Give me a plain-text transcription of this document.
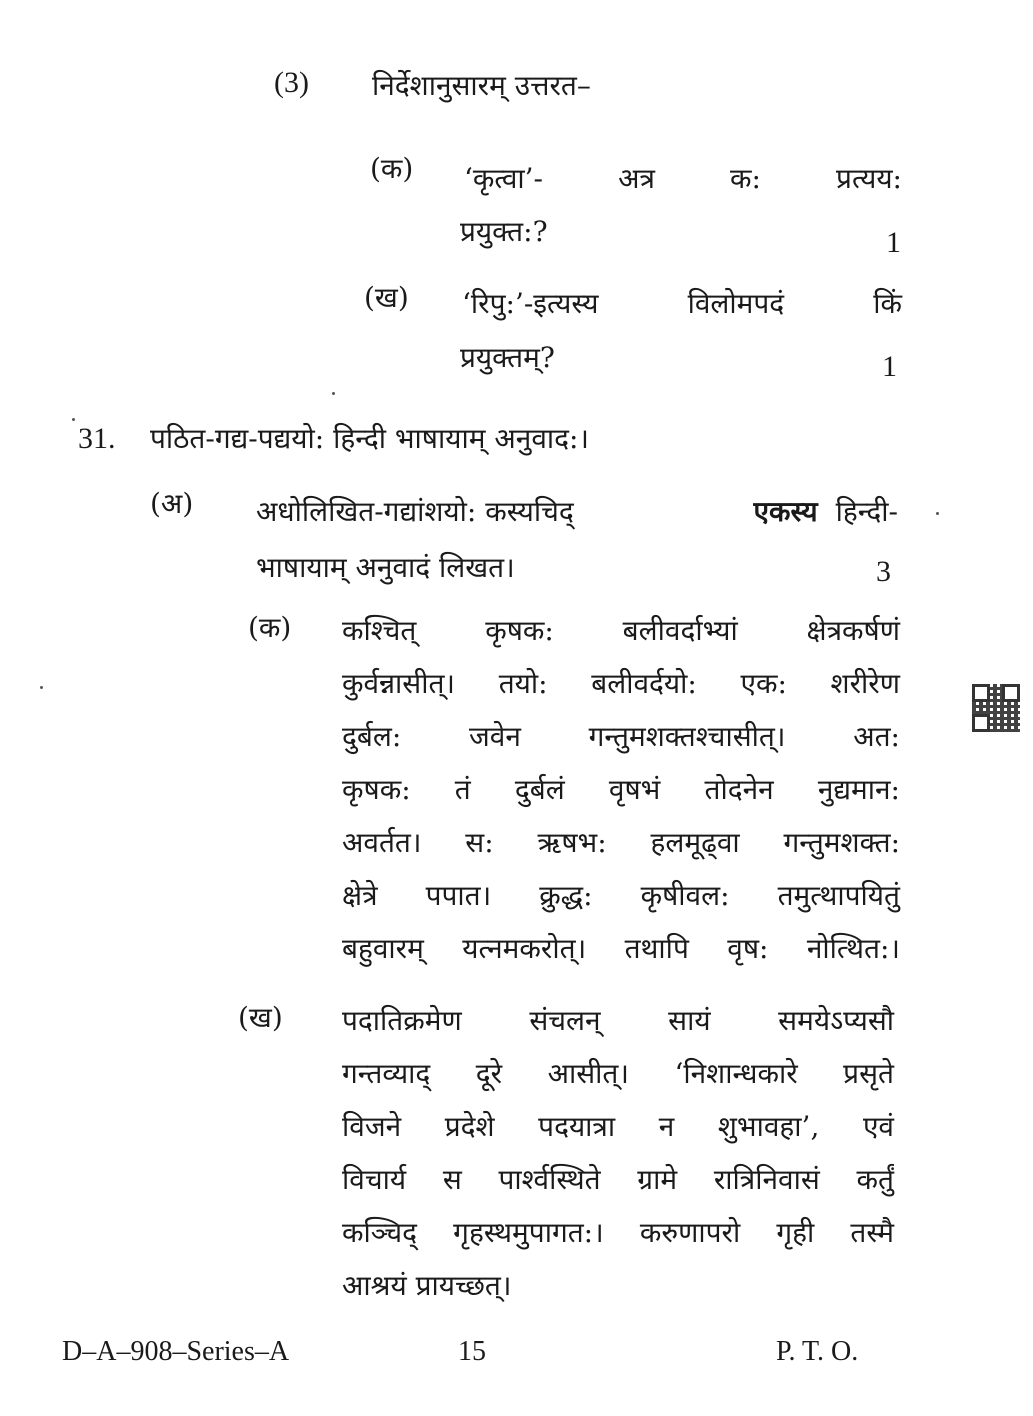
(3) निर्देशानुसारम् उत्तरत–
(क) ‘कृत्वा’- अत्र क: प्रत्यय:
प्रयुक्त:?	1
(ख) ‘रिपु:’-इत्यस्य विलोमपदं किं
प्रयुक्तम्?	1
31. पठित-गद्य-पद्ययो: हिन्दी भाषायाम् अनुवाद:।
(अ) अधोलिखित-गद्यांशयो: कस्यचिद्	एकस्य हिन्दी-
भाषायाम् अनुवादं लिखत।	3
(क) कश्चित् कृषक: बलीवर्दाभ्यां क्षेत्रकर्षणं
कुर्वन्नासीत्। तयो: बलीवर्दयो: एक: शरीरेण
दुर्बल: जवेन गन्तुमशक्तश्चासीत्। अत:
कृषक: तं दुर्बलं वृषभं तोदनेन नुद्यमान:
अवर्तत। स: ऋषभ: हलमूढ्वा गन्तुमशक्त:
क्षेत्रे पपात। क्रुद्ध: कृषीवल: तमुत्थापयितुं
बहुवारम् यत्नमकरोत्। तथापि वृष: नोत्थित:।
(ख) पदातिक्रमेण संचलन् सायं समयेऽप्यसौ
गन्तव्याद् दूरे आसीत्। ‘निशान्धकारे प्रसृते
विजने प्रदेशे पदयात्रा न शुभावहा’, एवं
विचार्य स पार्श्वस्थिते ग्रामे रात्रिनिवासं कर्तुं
कञ्चिद् गृहस्थमुपागत:। करुणापरो गृही तस्मै
आश्रयं प्रायच्छत्।
D–A–908–Series–A	15	P. T. O.
